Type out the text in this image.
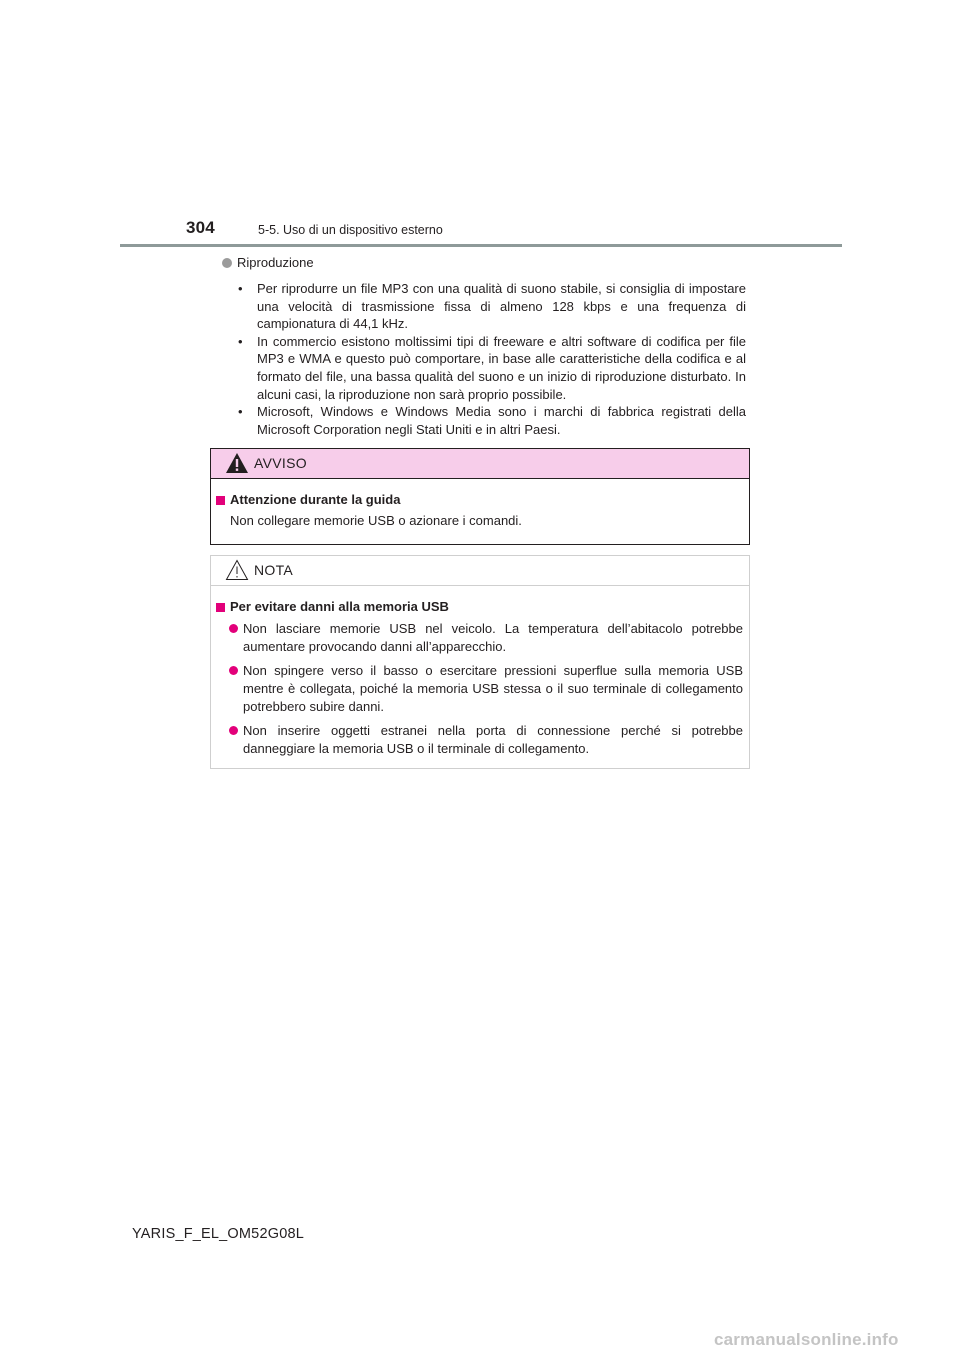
304	5-5. Uso di un dispositivo esterno
Riproduzione
• Per riprodurre un file MP3 con una qualità di suono stabile, si consiglia di impostare una velocità di trasmissione fissa di almeno 128 kbps e una frequenza di campionatura di 44,1 kHz.
• In commercio esistono moltissimi tipi di freeware e altri software di codifica per file MP3 e WMA e questo può comportare, in base alle caratteristiche della codifica e al formato del file, una bassa qualità del suono e un inizio di riproduzione disturbato. In alcuni casi, la riproduzione non sarà proprio possibile.
• Microsoft, Windows e Windows Media sono i marchi di fabbrica registrati della Microsoft Corporation negli Stati Uniti e in altri Paesi.
AVVISO
Attenzione durante la guida

Non collegare memorie USB o azionare i comandi.

NOTA
Per evitare danni alla memoria USB
Non lasciare memorie USB nel veicolo. La temperatura dell’abitacolo potrebbe aumentare provocando danni all’apparecchio.
Non spingere verso il basso o esercitare pressioni superflue sulla memoria USB mentre è collegata, poiché la memoria USB stessa o il suo terminale di collegamento potrebbero subire danni.
Non inserire oggetti estranei nella porta di connessione perché si potrebbe danneggiare la memoria USB o il terminale di collegamento.
YARIS_F_EL_OM52G08L
carmanualsonline.info
